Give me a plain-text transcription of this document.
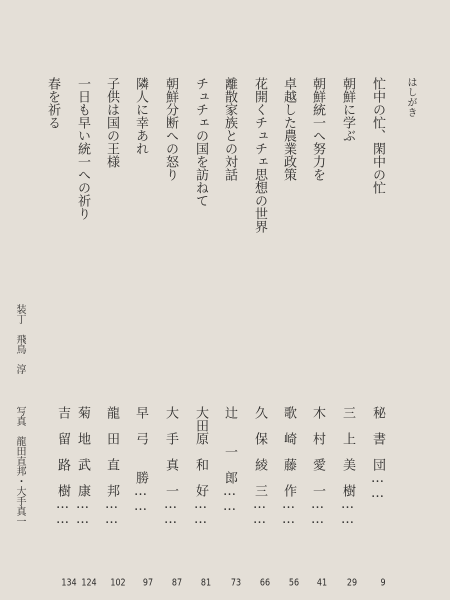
はしがき
忙中の忙、閑中の忙
朝鮮に学ぶ
朝鮮統一へ努力を
卓越した農業政策
花開くチュチェ思想の世界
離散家族との対話
チュチェの国を訪ねて
朝鮮分断への怒り
隣人に幸あれ
子供は国の王様
一日も早い統一への祈り
春を祈る
秘　書　団……
9
三　上　美　樹……
29
木　村　愛　一……
41
歌　崎　藤　作……
56
久　保　綾　三……
66
辻　　一　郎……
73
大田原　和　好……
81
大　手　真　一……
87
早　弓　　勝……
97
龍　田　直　邦……
102
菊　地　武　康……
124
吉　留　路　樹……
134
装丁　飛鳥　淳
写真　龍田直邦・大手真一
